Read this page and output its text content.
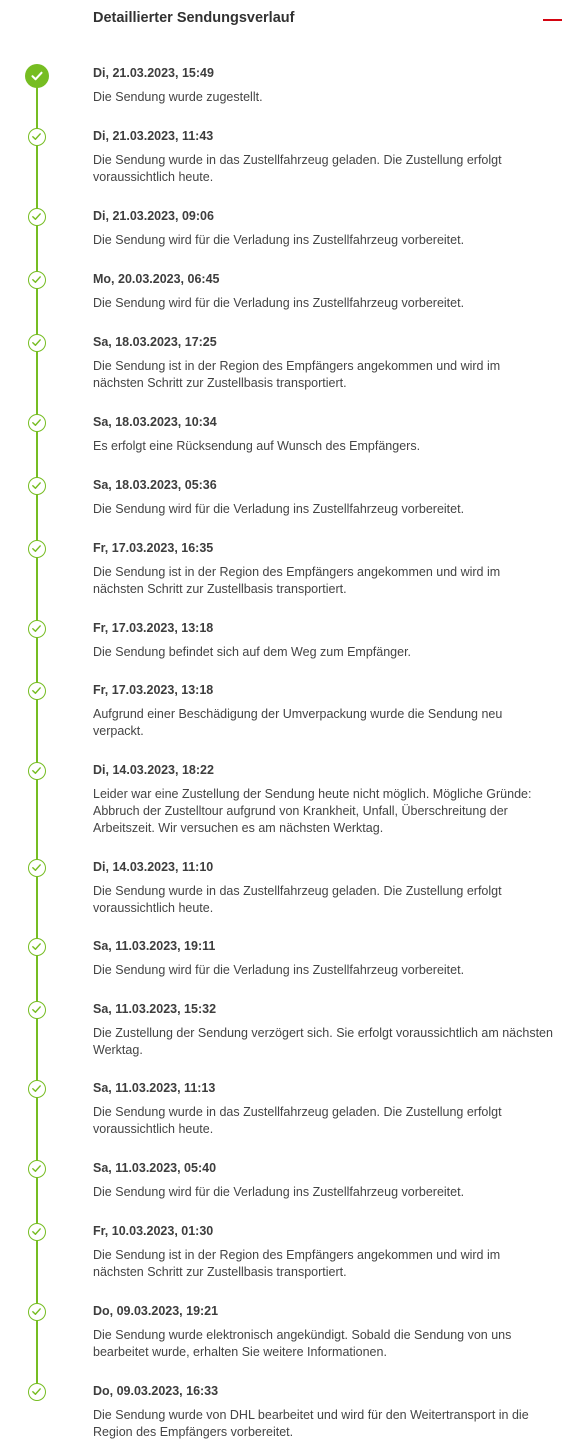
Detaillierter Sendungsverlauf
Di, 21.03.2023, 15:49
Die Sendung wurde zugestellt.
Di, 21.03.2023, 11:43
Die Sendung wurde in das Zustellfahrzeug geladen. Die Zustellung erfolgt voraussichtlich heute.
Di, 21.03.2023, 09:06
Die Sendung wird für die Verladung ins Zustellfahrzeug vorbereitet.
Mo, 20.03.2023, 06:45
Die Sendung wird für die Verladung ins Zustellfahrzeug vorbereitet.
Sa, 18.03.2023, 17:25
Die Sendung ist in der Region des Empfängers angekommen und wird im nächsten Schritt zur Zustellbasis transportiert.
Sa, 18.03.2023, 10:34
Es erfolgt eine Rücksendung auf Wunsch des Empfängers.
Sa, 18.03.2023, 05:36
Die Sendung wird für die Verladung ins Zustellfahrzeug vorbereitet.
Fr, 17.03.2023, 16:35
Die Sendung ist in der Region des Empfängers angekommen und wird im nächsten Schritt zur Zustellbasis transportiert.
Fr, 17.03.2023, 13:18
Die Sendung befindet sich auf dem Weg zum Empfänger.
Fr, 17.03.2023, 13:18
Aufgrund einer Beschädigung der Umverpackung wurde die Sendung neu verpackt.
Di, 14.03.2023, 18:22
Leider war eine Zustellung der Sendung heute nicht möglich. Mögliche Gründe: Abbruch der Zustelltour aufgrund von Krankheit, Unfall, Überschreitung der Arbeitszeit. Wir versuchen es am nächsten Werktag.
Di, 14.03.2023, 11:10
Die Sendung wurde in das Zustellfahrzeug geladen. Die Zustellung erfolgt voraussichtlich heute.
Sa, 11.03.2023, 19:11
Die Sendung wird für die Verladung ins Zustellfahrzeug vorbereitet.
Sa, 11.03.2023, 15:32
Die Zustellung der Sendung verzögert sich. Sie erfolgt voraussichtlich am nächsten Werktag.
Sa, 11.03.2023, 11:13
Die Sendung wurde in das Zustellfahrzeug geladen. Die Zustellung erfolgt voraussichtlich heute.
Sa, 11.03.2023, 05:40
Die Sendung wird für die Verladung ins Zustellfahrzeug vorbereitet.
Fr, 10.03.2023, 01:30
Die Sendung ist in der Region des Empfängers angekommen und wird im nächsten Schritt zur Zustellbasis transportiert.
Do, 09.03.2023, 19:21
Die Sendung wurde elektronisch angekündigt. Sobald die Sendung von uns bearbeitet wurde, erhalten Sie weitere Informationen.
Do, 09.03.2023, 16:33
Die Sendung wurde von DHL bearbeitet und wird für den Weitertransport in die Region des Empfängers vorbereitet.
